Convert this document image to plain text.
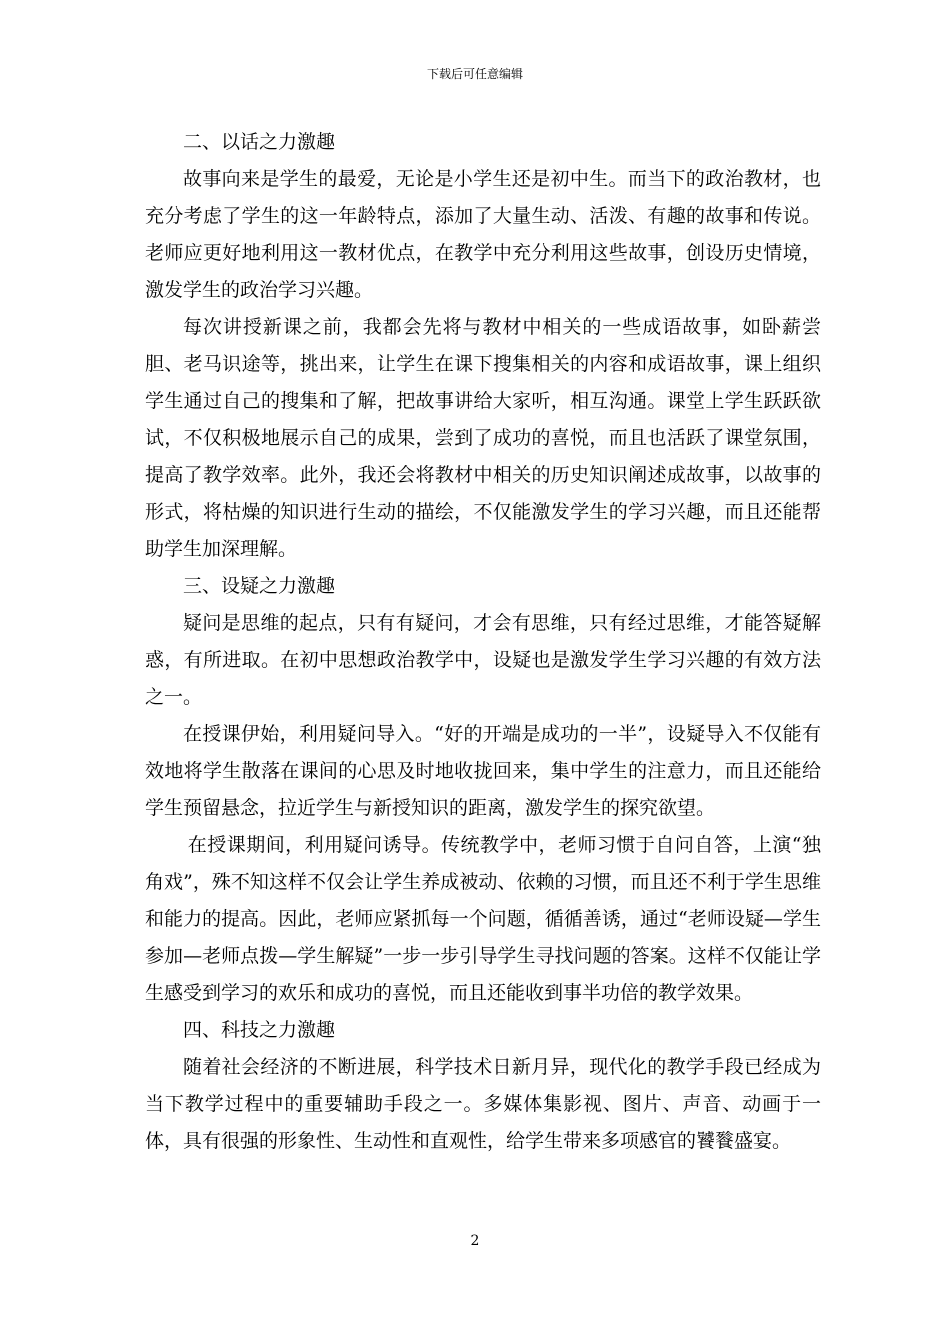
下载后可任意编辑

二、以话之力激趣

故事向来是学生的最爱，无论是小学生还是初中生。而当下的政治教材，也充分考虑了学生的这一年龄特点，添加了大量生动、活泼、有趣的故事和传说。老师应更好地利用这一教材优点，在教学中充分利用这些故事，创设历史情境，激发学生的政治学习兴趣。

每次讲授新课之前，我都会先将与教材中相关的一些成语故事，如卧薪尝胆、老马识途等，挑出来，让学生在课下搜集相关的内容和成语故事，课上组织学生通过自己的搜集和了解，把故事讲给大家听，相互沟通。课堂上学生跃跃欲试，不仅积极地展示自己的成果，尝到了成功的喜悦，而且也活跃了课堂氛围，提高了教学效率。此外，我还会将教材中相关的历史知识阐述成故事，以故事的形式，将枯燥的知识进行生动的描绘，不仅能激发学生的学习兴趣，而且还能帮助学生加深理解。

三、设疑之力激趣

疑问是思维的起点，只有有疑问，才会有思维，只有经过思维，才能答疑解惑，有所进取。在初中思想政治教学中，设疑也是激发学生学习兴趣的有效方法之一。

在授课伊始，利用疑问导入。“好的开端是成功的一半”，设疑导入不仅能有效地将学生散落在课间的心思及时地收拢回来，集中学生的注意力，而且还能给学生预留悬念，拉近学生与新授知识的距离，激发学生的探究欲望。

在授课期间，利用疑问诱导。传统教学中，老师习惯于自问自答，上演“独角戏”，殊不知这样不仅会让学生养成被动、依赖的习惯，而且还不利于学生思维和能力的提高。因此，老师应紧抓每一个问题，循循善诱，通过“老师设疑—学生参加—老师点拨—学生解疑”一步一步引导学生寻找问题的答案。这样不仅能让学生感受到学习的欢乐和成功的喜悦，而且还能收到事半功倍的教学效果。

四、科技之力激趣

随着社会经济的不断进展，科学技术日新月异，现代化的教学手段已经成为当下教学过程中的重要辅助手段之一。多媒体集影视、图片、声音、动画于一体，具有很强的形象性、生动性和直观性，给学生带来多项感官的饕餮盛宴。

2
